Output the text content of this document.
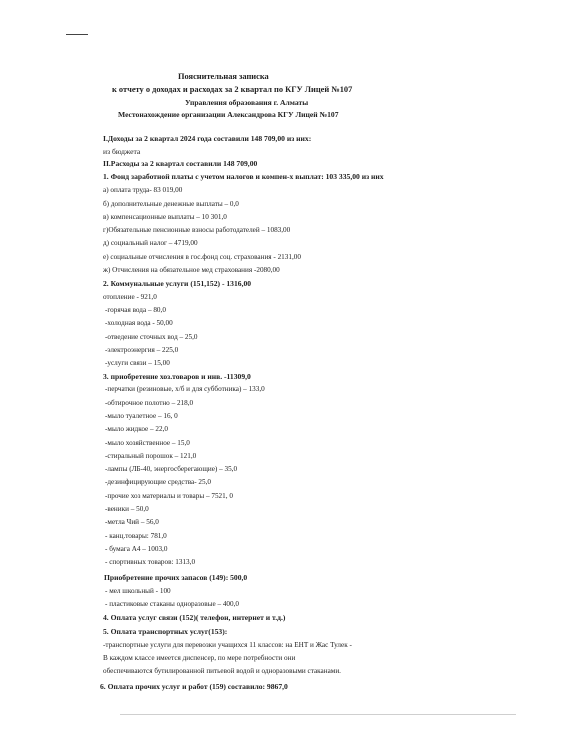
Пояснительная записка
к отчету о доходах и расходах за 2 квартал по КГУ Лицей №107
Управления образования г. Алматы
Местонахождение организации Александрова КГУ Лицей №107
I.Доходы за 2 квартал 2024 года составили 148 709,00 из них:
из бюджета
II.Расходы за 2 квартал составили 148 709,00
1. Фонд заработной платы с учетом налогов и компен-х выплат: 103 335,00 из них
а) оплата труда- 83 019,00
б) дополнительные денежные выплаты – 0,0
в) компенсационные выплаты – 10 301,0
г)Обязательные пенсионные взносы работодателей – 1083,00
д) социальный налог – 4719,00
е) социальные отчисления в гос.фонд соц. страхования - 2131,00
ж) Отчисления на обязательное мед страхования -2080,00
2. Коммунальные услуги (151,152) - 1316,00
отопление - 921,0
-горячая вода – 80,0
-холодная вода - 50,00
-отведение сточных вод – 25,0
-электроэнергия – 225,0
-услуги связи – 15,00
3. приобретение хоз.товаров и инв. -11309,0
-перчатки (резиновые, х/б и для субботника) – 133,0
-обтирочное полотно – 218,0
-мыло туалетное – 16, 0
-мыло жидкое – 22,0
-мыло хозяйственное – 15,0
-стиральный порошок – 121,0
-лампы (ЛБ-40, энергосберегающие) – 35,0
-дезинфицирующие средства- 25,0
-прочие хоз материалы и товары – 7521, 0
-веники – 50,0
-метла Чий – 56,0
- канц.товары: 781,0
- бумага А4 – 1003,0
- спортивных товаров: 1313,0
Приобретение прочих запасов (149): 500,0
- мел школьный - 100
- пластиковые стаканы одноразовые – 400,0
4. Оплата услуг связи (152)( телефон, интернет и т.д.)
5. Оплата транспортных услуг(153):
-транспортные услуги для перевозки учащихся 11 классов: на ЕНТ и Жас Тулек -
В каждом классе имеется диспенсер, по мере потребности они
обеспечиваются бутилированной питьевой водой и одноразовыми стаканами.
6. Оплата прочих услуг и работ (159) составило: 9867,0
